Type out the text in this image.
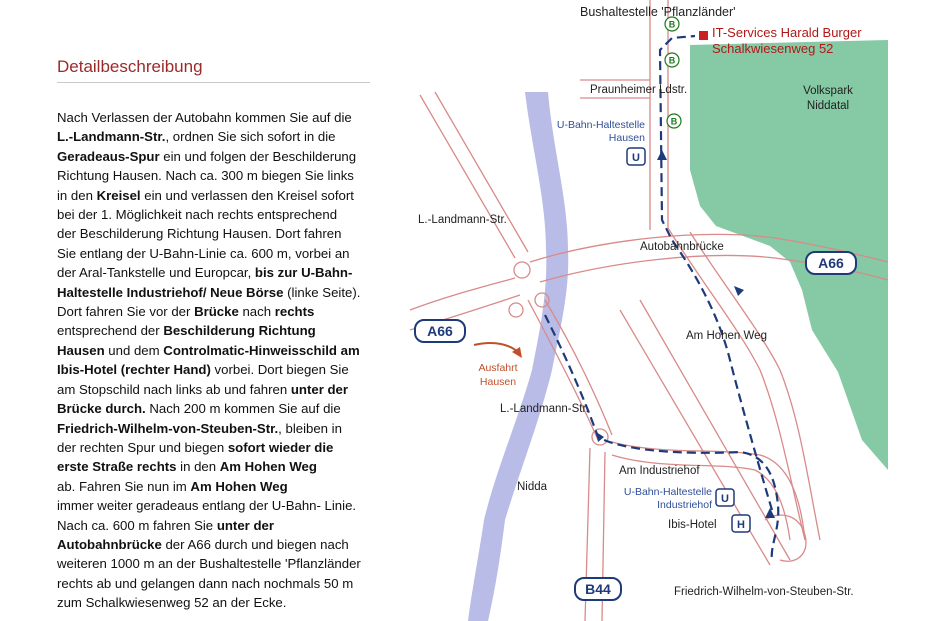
Detailbeschreibung
Nach Verlassen der Autobahn kommen Sie auf die
L.-Landmann-Str., ordnen Sie sich sofort in die
Geradeaus-Spur ein und folgen der Beschilderung
Richtung Hausen. Nach ca. 300 m biegen Sie links
in den Kreisel ein und verlassen den Kreisel sofort
bei der 1. Möglichkeit nach rechts entsprechend
der Beschilderung Richtung Hausen. Dort fahren
Sie entlang der U-Bahn-Linie ca. 600 m, vorbei an
der Aral-Tankstelle und Europcar, bis zur U-Bahn-
Haltestelle Industriehof/ Neue Börse (linke Seite).
Dort fahren Sie vor der Brücke nach rechts
entsprechend der Beschilderung Richtung
Hausen und dem Controlmatic-Hinweisschild am
Ibis-Hotel (rechter Hand) vorbei. Dort biegen Sie
am Stopschild nach links ab und fahren unter der
Brücke durch. Nach 200 m kommen Sie auf die
Friedrich-Wilhelm-von-Steuben-Str., bleiben in
der rechten Spur und biegen sofort wieder die
erste Straße rechts in den Am Hohen Weg
ab. Fahren Sie nun im Am Hohen Weg
immer weiter geradeaus entlang der U-Bahn- Linie.
Nach ca. 600 m fahren Sie unter der
Autobahnbrücke der A66 durch und biegen nach
weiteren 1000 m an der Bushaltestelle 'Pflanzländer
rechts ab und gelangen dann nach nochmals 50 m
zum Schalkwiesenweg 52 an der Ecke.
B
B
B
U
U
H
A66
A66
B44
Bushaltestelle 'Pflanzländer'
IT-Services Harald Burger
Schalkwiesenweg 52
Praunheimer Ldstr.
U-Bahn-Haltestelle
Hausen
Volkspark
Niddatal
L.-Landmann-Str.
Autobahnbrücke
Am Hohen Weg
Ausfahrt
Hausen
L.-Landmann-Str.
Am Industriehof
U-Bahn-Haltestelle
Industriehof
Nidda
Ibis-Hotel
Friedrich-Wilhelm-von-Steuben-Str.
